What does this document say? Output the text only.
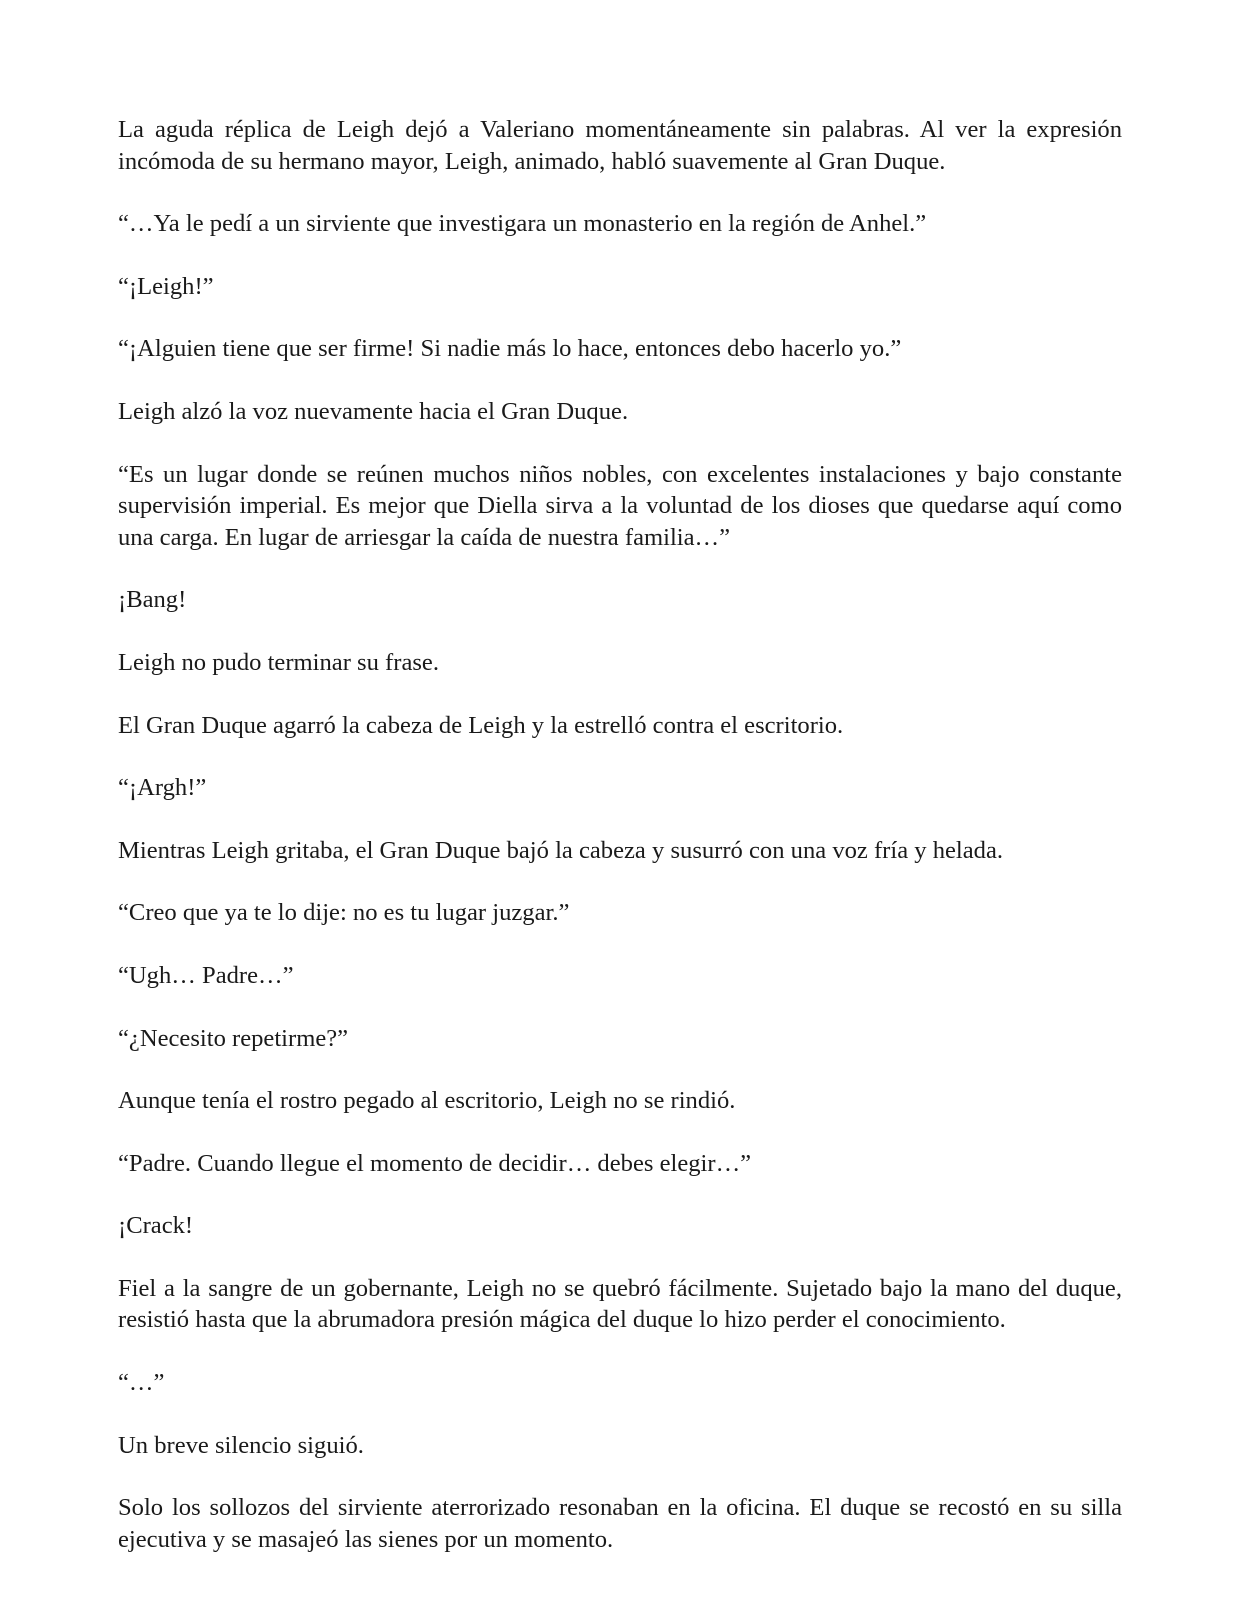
La aguda réplica de Leigh dejó a Valeriano momentáneamente sin palabras. Al ver la expresión incómoda de su hermano mayor, Leigh, animado, habló suavemente al Gran Duque.

“…Ya le pedí a un sirviente que investigara un monasterio en la región de Anhel.”

“¡Leigh!”

“¡Alguien tiene que ser firme! Si nadie más lo hace, entonces debo hacerlo yo.”

Leigh alzó la voz nuevamente hacia el Gran Duque.

“Es un lugar donde se reúnen muchos niños nobles, con excelentes instalaciones y bajo constante supervisión imperial. Es mejor que Diella sirva a la voluntad de los dioses que quedarse aquí como una carga. En lugar de arriesgar la caída de nuestra familia…”

¡Bang!

Leigh no pudo terminar su frase.

El Gran Duque agarró la cabeza de Leigh y la estrelló contra el escritorio.

“¡Argh!”

Mientras Leigh gritaba, el Gran Duque bajó la cabeza y susurró con una voz fría y helada.

“Creo que ya te lo dije: no es tu lugar juzgar.”

“Ugh… Padre…”

“¿Necesito repetirme?”

Aunque tenía el rostro pegado al escritorio, Leigh no se rindió.

“Padre. Cuando llegue el momento de decidir… debes elegir…”

¡Crack!

Fiel a la sangre de un gobernante, Leigh no se quebró fácilmente. Sujetado bajo la mano del duque, resistió hasta que la abrumadora presión mágica del duque lo hizo perder el conocimiento.

“…”

Un breve silencio siguió.

Solo los sollozos del sirviente aterrorizado resonaban en la oficina. El duque se recostó en su silla ejecutiva y se masajeó las sienes por un momento.
